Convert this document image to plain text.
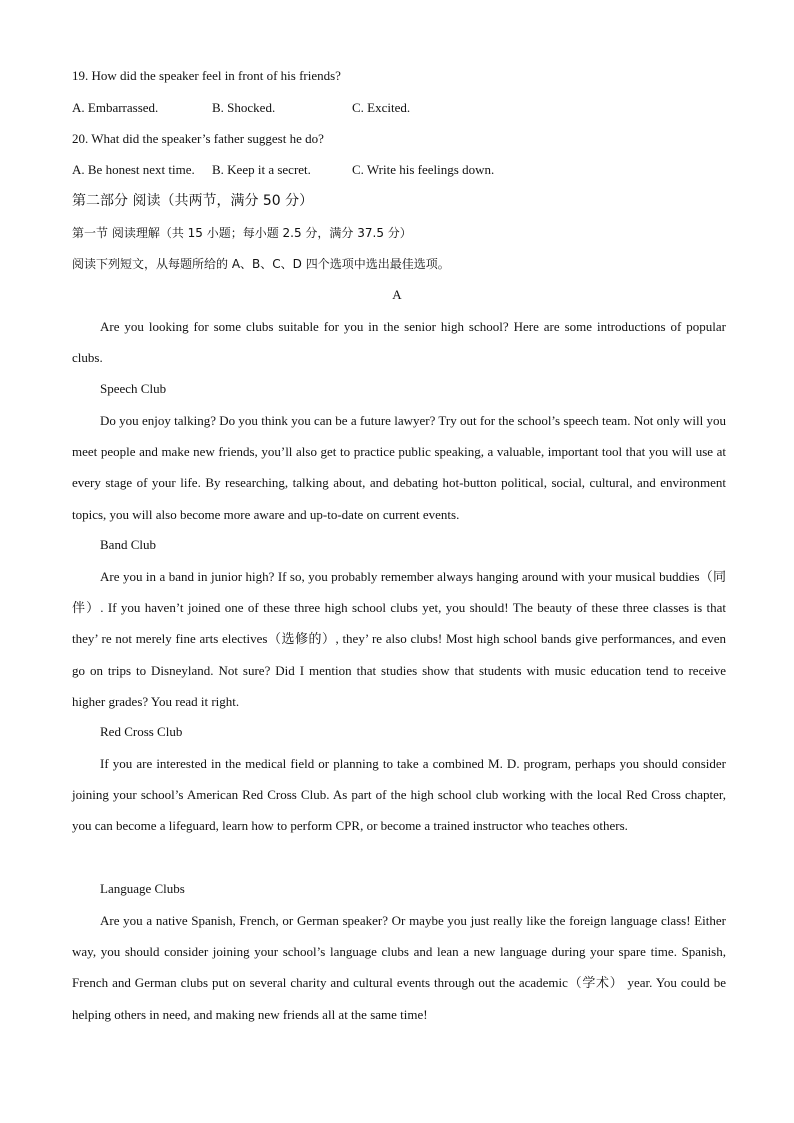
19. How did the speaker feel in front of his friends?
A. Embarrassed.	B. Shocked.	C. Excited.
20. What did the speaker’s father suggest he do?
A. Be honest next time. B. Keep it a secret.	C. Write his feelings down.
第二部分 阅读（共两节，满分 50 分）
第一节 阅读理解（共 15 小题；每小题 2.5 分，满分 37.5 分）
阅读下列短文，从每题所给的 A、B、C、D 四个选项中选出最佳选项。
A
Are you looking for some clubs suitable for you in the senior high school? Here are some introductions of popular clubs.
Speech Club
Do you enjoy talking? Do you think you can be a future lawyer? Try out for the school’s speech team. Not only will you meet people and make new friends, you’ll also get to practice public speaking, a valuable, important tool that you will use at every stage of your life. By researching, talking about, and debating hot-button political, social, cultural, and environment topics, you will also become more aware and up-to-date on current events.
Band Club
Are you in a band in junior high? If so, you probably remember always hanging around with your musical buddies（同伴）. If you haven’t joined one of these three high school clubs yet, you should! The beauty of these three classes is that they’ re not merely fine arts electives（选修的）, they’ re also clubs! Most high school bands give performances, and even go on trips to Disneyland. Not sure? Did I mention that studies show that students with music education tend to receive higher grades? You read it right.
Red Cross Club
If you are interested in the medical field or planning to take a combined M. D. program, perhaps you should consider joining your school’s American Red Cross Club. As part of the high school club working with the local Red Cross chapter, you can become a lifeguard, learn how to perform CPR, or become a trained instructor who teaches others.
Language Clubs
Are you a native Spanish, French, or German speaker? Or maybe you just really like the foreign language class! Either way, you should consider joining your school’s language clubs and lean a new language during your spare time. Spanish, French and German clubs put on several charity and cultural events through out the academic（学术） year. You could be helping others in need, and making new friends all at the same time!
